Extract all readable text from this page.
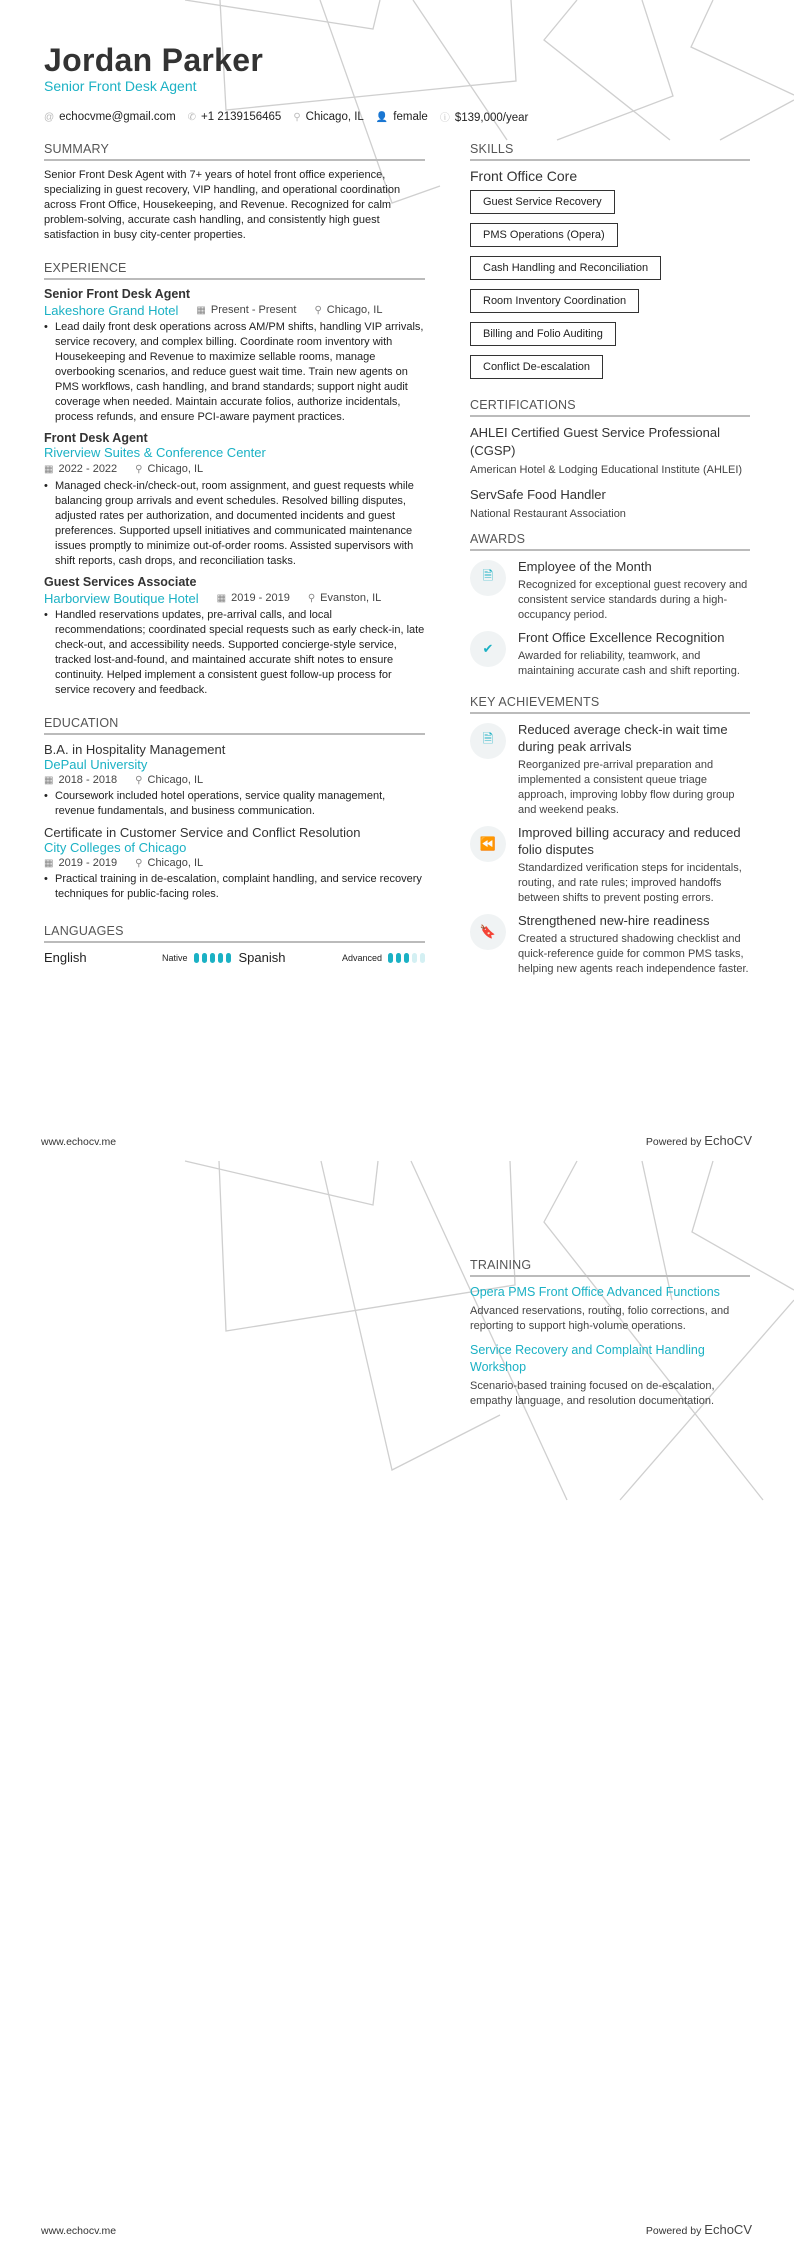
Jordan Parker
Senior Front Desk Agent
@ echocvme@gmail.com ✆ +1 2139156465 ⚲ Chicago, IL 👤 female ⓘ $139,000/year
SUMMARY

Senior Front Desk Agent with 7+ years of hotel front office experience, specializing in guest recovery, VIP handling, and operational coordination across Front Office, Housekeeping, and Revenue. Recognized for calm problem-solving, accurate cash handling, and consistently high guest satisfaction in busy city-center properties.

EXPERIENCE
Senior Front Desk Agent
Lakeshore Grand Hotel ▦ Present - Present ⚲ Chicago, IL
• Lead daily front desk operations across AM/PM shifts, handling VIP arrivals, service recovery, and complex billing. Coordinate room inventory with Housekeeping and Revenue to maximize sellable rooms, manage overbooking scenarios, and reduce guest wait time. Train new agents on PMS workflows, cash handling, and brand standards; support night audit coverage when needed. Maintain accurate folios, authorize incidentals, process refunds, and ensure PCI-aware payment practices.
Front Desk Agent
Riverview Suites & Conference Center
▦ 2022 - 2022 ⚲ Chicago, IL
• Managed check-in/check-out, room assignment, and guest requests while balancing group arrivals and event schedules. Resolved billing disputes, adjusted rates per authorization, and documented incidents and guest preferences. Supported upsell initiatives and communicated maintenance issues promptly to minimize out-of-order rooms. Assisted supervisors with shift reports, cash drops, and reconciliation tasks.
Guest Services Associate
Harborview Boutique Hotel ▦ 2019 - 2019 ⚲ Evanston, IL
• Handled reservations updates, pre-arrival calls, and local recommendations; coordinated special requests such as early check-in, late check-out, and accessibility needs. Supported concierge-style service, tracked lost-and-found, and maintained accurate shift notes to ensure continuity. Helped implement a consistent guest follow-up process for service recovery and feedback.
EDUCATION
B.A. in Hospitality Management
DePaul University
▦ 2018 - 2018 ⚲ Chicago, IL
• Coursework included hotel operations, service quality management, revenue fundamentals, and business communication.
Certificate in Customer Service and Conflict Resolution
City Colleges of Chicago
▦ 2019 - 2019 ⚲ Chicago, IL
• Practical training in de-escalation, complaint handling, and service recovery techniques for public-facing roles.
LANGUAGES
English	Native	Spanish	Advanced
SKILLS
Front Office Core
Guest Service Recovery
PMS Operations (Opera)
Cash Handling and Reconciliation
Room Inventory Coordination
Billing and Folio Auditing
Conflict De-escalation
CERTIFICATIONS
AHLEI Certified Guest Service Professional (CGSP)
American Hotel & Lodging Educational Institute (AHLEI)
ServSafe Food Handler
National Restaurant Association
AWARDS
🗎
Employee of the Month
Recognized for exceptional guest recovery and consistent service standards during a high-occupancy period.
✔
Front Office Excellence Recognition
Awarded for reliability, teamwork, and maintaining accurate cash and shift reporting.
KEY ACHIEVEMENTS
🗎
Reduced average check-in wait time during peak arrivals
Reorganized pre-arrival preparation and implemented a consistent queue triage approach, improving lobby flow during group and weekend peaks.
⏪
Improved billing accuracy and reduced folio disputes
Standardized verification steps for incidentals, routing, and rate rules; improved handoffs between shifts to prevent posting errors.
🔖
Strengthened new-hire readiness
Created a structured shadowing checklist and quick-reference guide for common PMS tasks, helping new agents reach independence faster.
www.echocv.me	Powered by EchoCV
TRAINING
Opera PMS Front Office Advanced Functions
Advanced reservations, routing, folio corrections, and reporting to support high-volume operations.
Service Recovery and Complaint Handling Workshop
Scenario-based training focused on de-escalation, empathy language, and resolution documentation.
www.echocv.me	Powered by EchoCV
